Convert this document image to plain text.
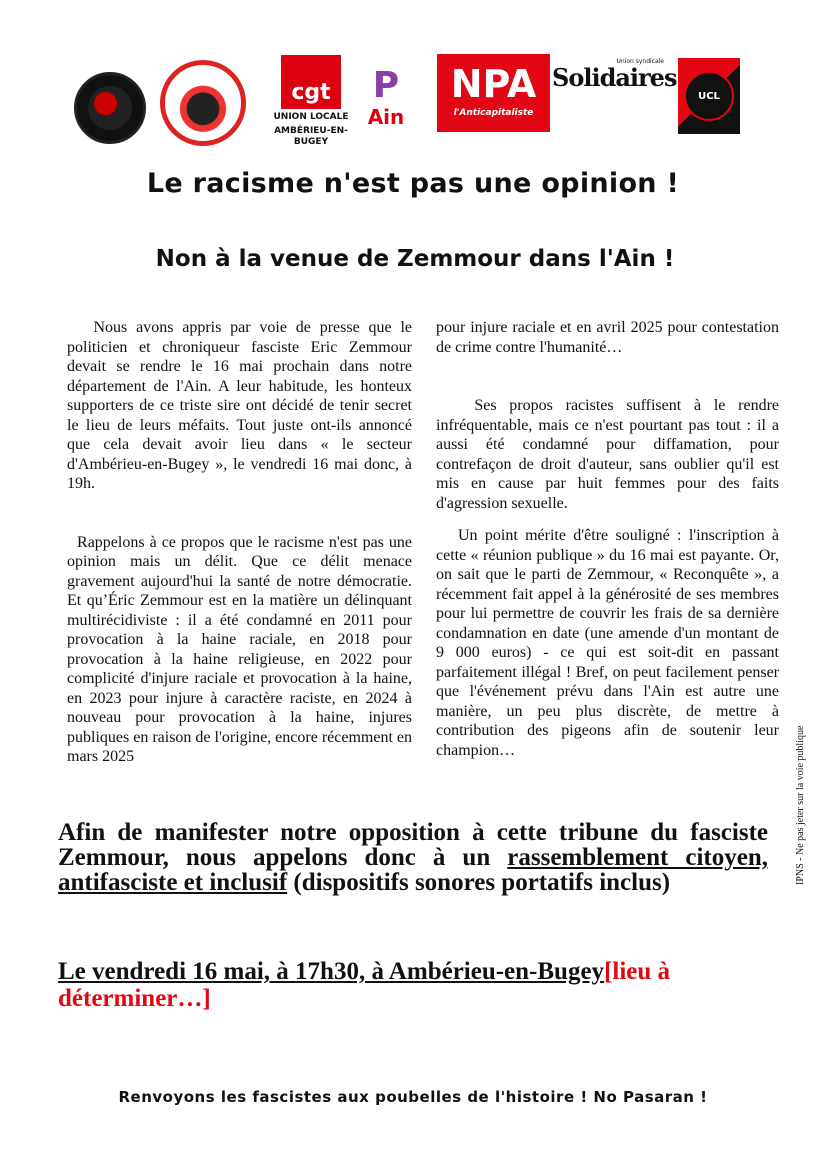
cgt
UNION LOCALE
AMBÉRIEU-EN-BUGEY
P
Ain
NPA
l'Anticapitaliste
Union syndicale
Solidaires
UCL
Le racisme n'est pas une opinion !
Non à la venue de Zemmour dans l'Ain !

Nous avons appris par voie de presse que le politicien et chroniqueur fasciste Eric Zemmour devait se rendre le 16 mai prochain dans notre département de l'Ain. A leur habitude, les honteux supporters de ce triste sire ont décidé de tenir secret le lieu de leurs méfaits. Tout juste ont-ils annoncé que cela devait avoir lieu dans « le secteur d'Ambérieu-en-Bugey », le vendredi 16 mai donc, à 19h.

Rappelons à ce propos que le racisme n'est pas une opinion mais un délit. Que ce délit menace gravement aujourd'hui la santé de notre démocratie. Et qu’Éric Zemmour est en la matière un délinquant multirécidiviste : il a été condamné en 2011 pour provocation à la haine raciale, en 2018 pour provocation à la haine religieuse, en 2022 pour complicité d'injure raciale et provocation à la haine, en 2023 pour injure à caractère raciste, en 2024 à nouveau pour provocation à la haine, injures publiques en raison de l'origine, encore récemment en mars 2025

pour injure raciale et en avril 2025 pour contestation de crime contre l'humanité…

Ses propos racistes suffisent à le rendre infréquentable, mais ce n'est pourtant pas tout : il a aussi été condamné pour diffamation, pour contrefaçon de droit d'auteur, sans oublier qu'il est mis en cause par huit femmes pour des faits d'agression sexuelle.

Un point mérite d'être souligné : l'inscription à cette « réunion publique » du 16 mai est payante. Or, on sait que le parti de Zemmour, « Reconquête », a récemment fait appel à la générosité de ses membres pour lui permettre de couvrir les frais de sa dernière condamnation en date (une amende d'un montant de 9 000 euros) - ce qui est soit-dit en passant parfaitement illégal ! Bref, on peut facilement penser que l'événement prévu dans l'Ain est autre une manière, un peu plus discrète, de mettre à contribution des pigeons afin de soutenir leur champion…

Afin de manifester notre opposition à cette tribune du fasciste Zemmour, nous appelons donc à un rassemblement citoyen, antifasciste et inclusif (dispositifs sonores portatifs inclus)
Le vendredi 16 mai, à 17h30, à Ambérieu-en-Bugey[lieu à déterminer…]
Renvoyons les fascistes aux poubelles de l'histoire ! No Pasaran !
IPNS - Ne pas jeter sur la voie publique
